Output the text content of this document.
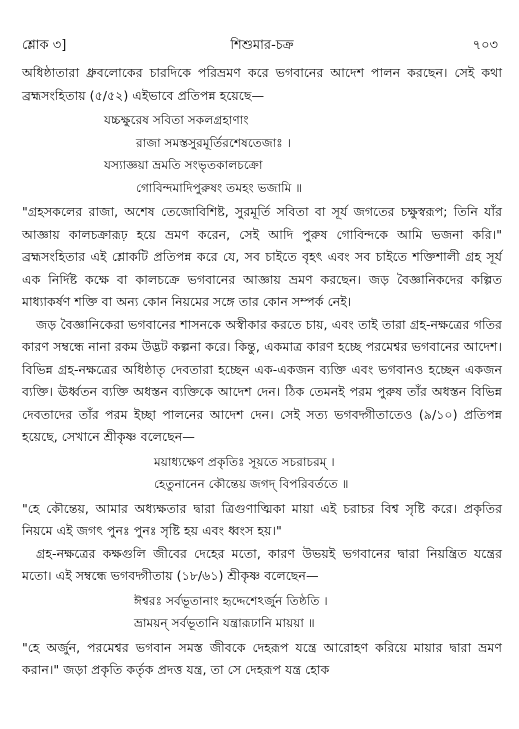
শ্লোক ৩]	শিশুমার-চক্র	৭০৩

অধিষ্ঠাতারা ধ্রুবলোকের চারদিকে পরিভ্রমণ করে ভগবানের আদেশ পালন করছেন। সেই কথা ব্রহ্মসংহিতায় (৫/৫২) এইভাবে প্রতিপন্ন হয়েছে—

যচ্চক্ষুরেষ সবিতা সকলগ্রহাণাং

রাজা সমস্তসুরমূর্তিরশেষতেজাঃ ।

যস্যাজ্ঞয়া ভ্রমতি সংভৃতকালচক্রো

গোবিন্দমাদিপুরুষং তমহং ভজামি ॥

"গ্রহসকলের রাজা, অশেষ তেজোবিশিষ্ট, সুরমূর্তি সবিতা বা সূর্য জগতের চক্ষুস্বরূপ; তিনি যাঁর আজ্ঞায় কালচক্রারূঢ় হয়ে ভ্রমণ করেন, সেই আদি পুরুষ গোবিন্দকে আমি ভজনা করি।" ব্রহ্মসংহিতার এই শ্লোকটি প্রতিপন্ন করে যে, সব চাইতে বৃহৎ এবং সব চাইতে শক্তিশালী গ্রহ সূর্য এক নির্দিষ্ট কক্ষে বা কালচক্রে ভগবানের আজ্ঞায় ভ্রমণ করছেন। জড় বৈজ্ঞানিকদের কল্পিত মাধ্যাকর্ষণ শক্তি বা অন্য কোন নিয়মের সঙ্গে তার কোন সম্পর্ক নেই।

জড় বৈজ্ঞানিকেরা ভগবানের শাসনকে অস্বীকার করতে চায়, এবং তাই তারা গ্রহ-নক্ষত্রের গতির কারণ সম্বন্ধে নানা রকম উদ্ভট কল্পনা করে। কিন্তু, একমাত্র কারণ হচ্ছে পরমেশ্বর ভগবানের আদেশ। বিভিন্ন গ্রহ-নক্ষত্রের অধিষ্ঠাতৃ দেবতারা হচ্ছেন এক-একজন ব্যক্তি এবং ভগবানও হচ্ছেন একজন ব্যক্তি। ঊর্ধ্বতন ব্যক্তি অধস্তন ব্যক্তিকে আদেশ দেন। ঠিক তেমনই পরম পুরুষ তাঁর অধস্তন বিভিন্ন দেবতাদের তাঁর পরম ইচ্ছা পালনের আদেশ দেন। সেই সত্য ভগবদ্গীতাতেও (৯/১০) প্রতিপন্ন হয়েছে, সেখানে শ্রীকৃষ্ণ বলেছেন—

ময়াধ্যক্ষেণ প্রকৃতিঃ সূয়তে সচরাচরম্ ।

হেতুনানেন কৌন্তেয় জগদ্ বিপরিবর্ততে ॥

"হে কৌন্তেয়, আমার অধ্যক্ষতার দ্বারা ত্রিগুণাত্মিকা মায়া এই চরাচর বিশ্ব সৃষ্টি করে। প্রকৃতির নিয়মে এই জগৎ পুনঃ পুনঃ সৃষ্টি হয় এবং ধ্বংস হয়।"

গ্রহ-নক্ষত্রের কক্ষগুলি জীবের দেহের মতো, কারণ উভয়ই ভগবানের দ্বারা নিয়ন্ত্রিত যন্ত্রের মতো। এই সম্বন্ধে ভগবদ্গীতায় (১৮/৬১) শ্রীকৃষ্ণ বলেছেন—

ঈশ্বরঃ সর্বভূতানাং হৃদ্দেশেঽর্জুন তিষ্ঠতি ।

ভ্রাময়ন্ সর্বভূতানি যন্ত্রারূঢানি মায়য়া ॥

"হে অর্জুন, পরমেশ্বর ভগবান সমস্ত জীবকে দেহরূপ যন্ত্রে আরোহণ করিয়ে মায়ার দ্বারা ভ্রমণ করান।" জড়া প্রকৃতি কর্তৃক প্রদত্ত যন্ত্র, তা সে দেহরূপ যন্ত্র হোক
